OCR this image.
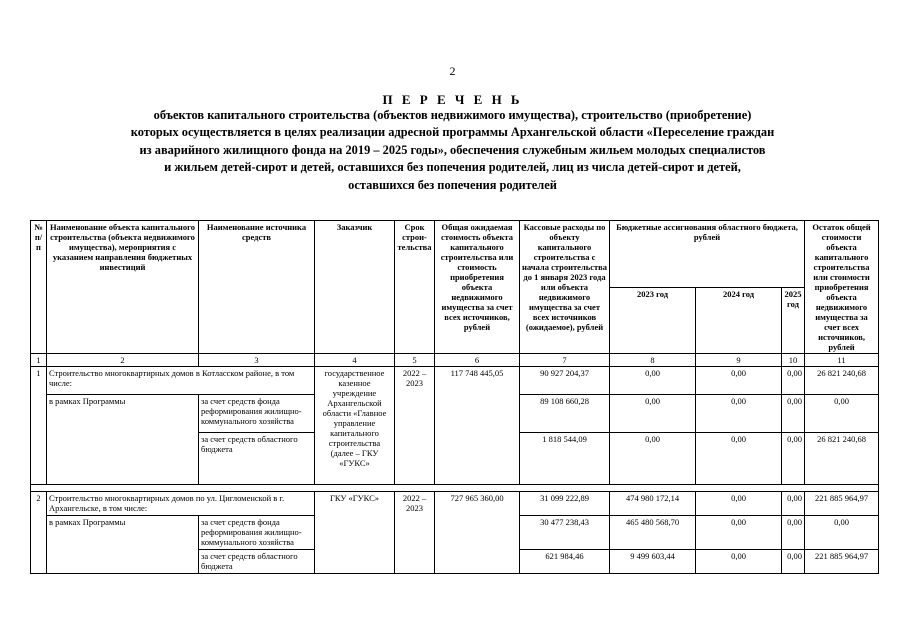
2
П Е Р Е Ч Е Н Ь
объектов капитального строительства (объектов недвижимого имущества), строительство (приобретение)
которых осуществляется в целях реализации адресной программы Архангельской области «Переселение граждан
из аварийного жилищного фонда на 2019 – 2025 годы», обеспечения служебным жильем молодых специалистов
и жильем детей-сирот и детей, оставшихся без попечения родителей, лиц из числа детей-сирот и детей,
оставшихся без попечения родителей
№ п/п	Наименование объекта капитального строительства (объекта недвижимого имущества), мероприятия с указанием направления бюджетных инвестиций	Наименование источника средств	Заказчик	Срок строи-тельства	Общая ожидаемая стоимость объекта капитального строительства или стоимость приобретения объекта недвижимого имущества за счет всех источников, рублей	Кассовые расходы по объекту капитального строительства с начала строительства до 1 января 2023 года или объекта недвижимого имущества за счет всех источников (ожидаемое), рублей	Бюджетные ассигнования областного бюджета, рублей			Остаток общей стоимости объекта капитального строительства или стоимости приобретения объекта недвижимого имущества за счет всех источников, рублей
							2023 год	2024 год	2025 год	
1	2	3	4	5	6	7	8	9	10	11
1	Строительство многоквартирных домов в Котласском районе, в том числе:		государственное казенное учреждение Архангельской области «Главное управление капитального строительства (далее – ГКУ «ГУКС»	2022 – 2023	117 748 445,05	90 927 204,37	0,00	0,00	0,00	26 821 240,68
	в рамках Программы	за счет средств фонда реформирования жилищно-коммунального хозяйства				89 108 660,28	0,00	0,00	0,00	0,00
		за счет средств областного бюджета				1 818 544,09	0,00	0,00	0,00	26 821 240,68

2	Строительство многоквартирных домов по ул. Цигломенской в г. Архангельске, в том числе:		ГКУ «ГУКС»	2022 – 2023	727 965 360,00	31 099 222,89	474 980 172,14	0,00	0,00	221 885 964,97
	в рамках Программы	за счет средств фонда реформирования жилищно-коммунального хозяйства				30 477 238,43	465 480 568,70	0,00	0,00	0,00
		за счет средств областного бюджета				621 984,46	9 499 603,44	0,00	0,00	221 885 964,97
